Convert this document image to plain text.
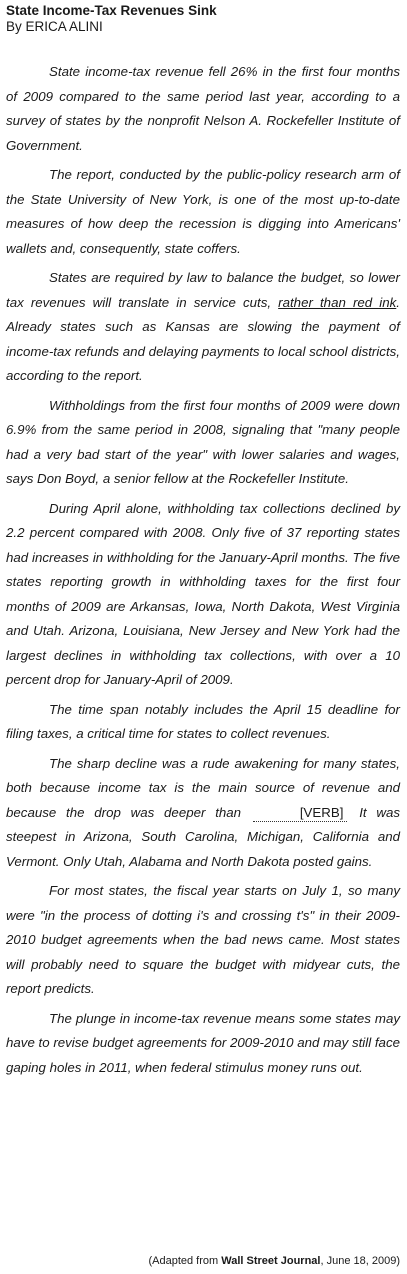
State Income-Tax Revenues Sink
By ERICA ALINI

State income-tax revenue fell 26% in the first four months of 2009 compared to the same period last year, according to a survey of states by the nonprofit Nelson A. Rockefeller Institute of Government.

The report, conducted by the public-policy research arm of the State University of New York, is one of the most up-to-date measures of how deep the recession is digging into Americans' wallets and, consequently, state coffers.

States are required by law to balance the budget, so lower tax revenues will translate in service cuts, rather than red ink. Already states such as Kansas are slowing the payment of income-tax refunds and delaying payments to local school districts, according to the report.

Withholdings from the first four months of 2009 were down 6.9% from the same period in 2008, signaling that "many people had a very bad start of the year" with lower salaries and wages, says Don Boyd, a senior fellow at the Rockefeller Institute.

During April alone, withholding tax collections declined by 2.2 percent compared with 2008. Only five of 37 reporting states had increases in withholding for the January-April months. The five states reporting growth in withholding taxes for the first four months of 2009 are Arkansas, Iowa, North Dakota, West Virginia and Utah. Arizona, Louisiana, New Jersey and New York had the largest declines in withholding tax collections, with over a 10 percent drop for January-April of 2009.

The time span notably includes the April 15 deadline for filing taxes, a critical time for states to collect revenues.

The sharp decline was a rude awakening for many states, both because income tax is the main source of revenue and because the drop was deeper than	[VERB] It was steepest in Arizona, South Carolina, Michigan, California and Vermont. Only Utah, Alabama and North Dakota posted gains.

For most states, the fiscal year starts on July 1, so many were "in the process of dotting i's and crossing t's" in their 2009-2010 budget agreements when the bad news came. Most states will probably need to square the budget with midyear cuts, the report predicts.

The plunge in income-tax revenue means some states may have to revise budget agreements for 2009-2010 and may still face gaping holes in 2011, when federal stimulus money runs out.

(Adapted from Wall Street Journal, June 18, 2009)
